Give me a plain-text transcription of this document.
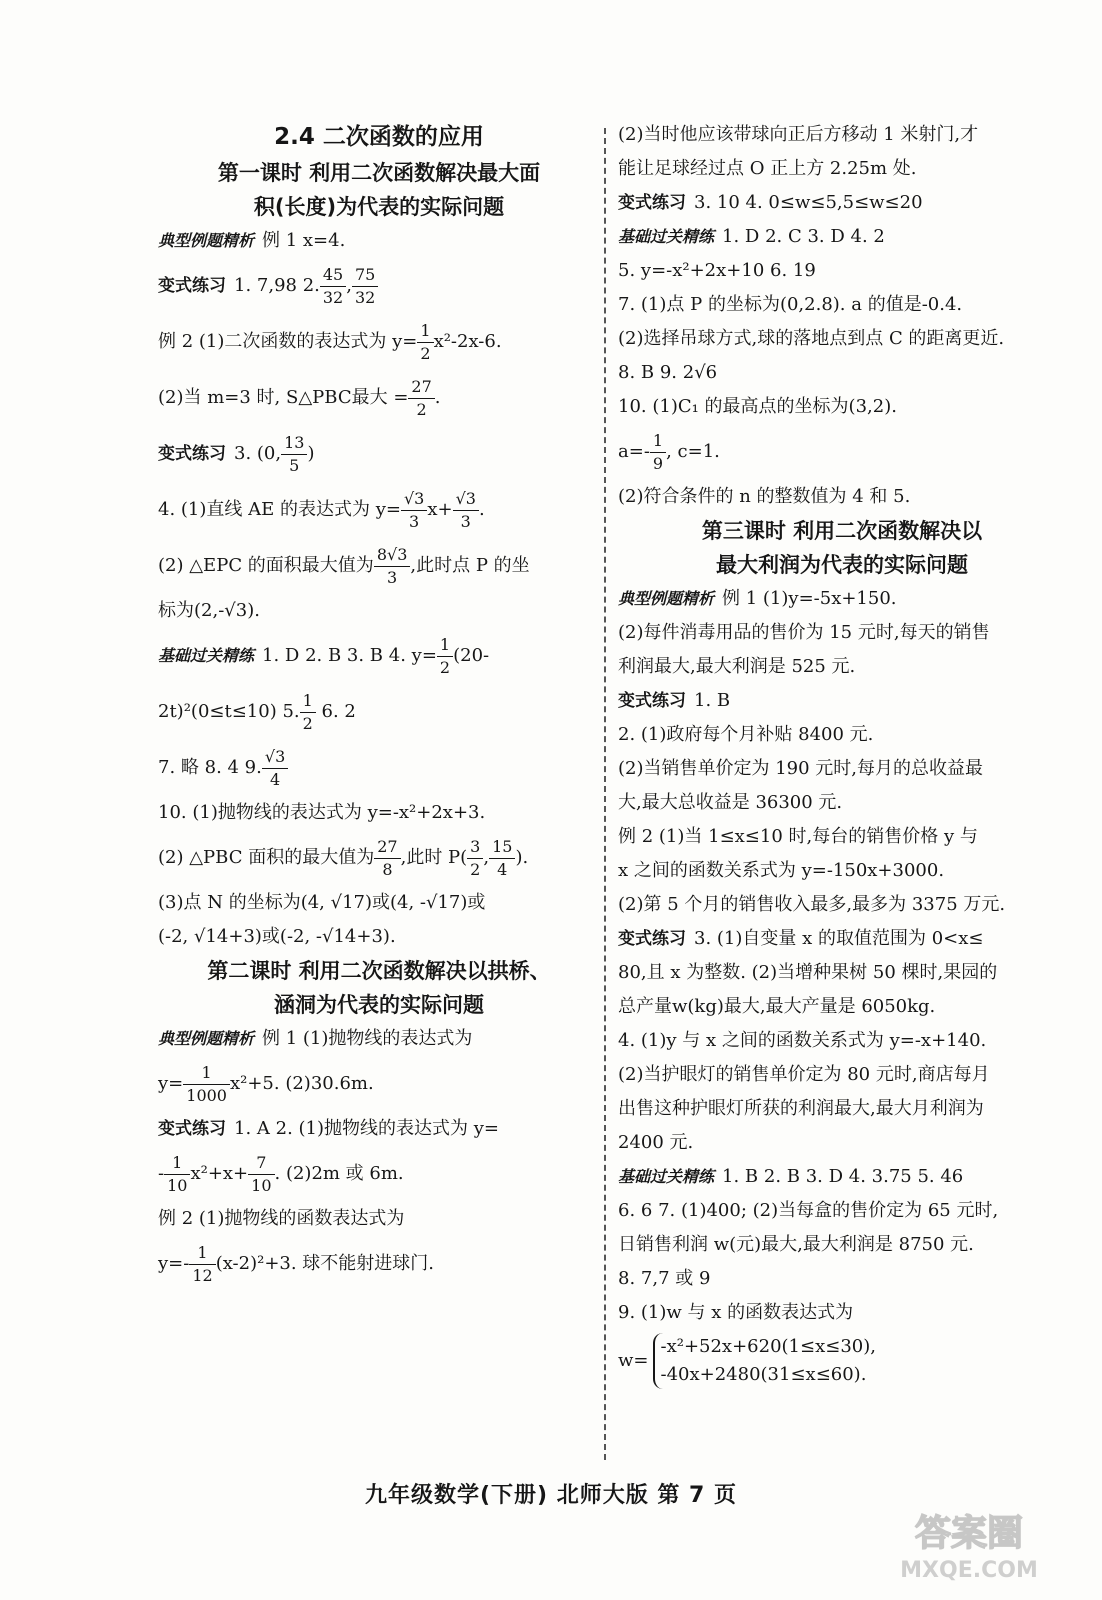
2.4 二次函数的应用
第一课时 利用二次函数解决最大面
积(长度)为代表的实际问题
典型例题精析 例 1 x=4.
变式练习 1. 7,98 2. $\frac{45}{32}$ , $\frac{75}{32}$
例 2 (1)二次函数的表达式为 $y= \frac{1}{2} x^2-2x-6$.
(2)当 m=3 时, S△PBC最大 = $\frac{27}{2}$ .
变式练习 3. (0, $\frac{13}{5}$ )
4. (1)直线 AE 的表达式为 $y= \frac{√3}{3} x+ \frac{√3}{3}$ .
(2) △EPC 的面积最大值为 $\frac{8√3}{3}$ ,此时点 P 的坐
标为(2,-√3).
基础过关精练 1. D 2. B 3. B 4. $y= \frac{1}{2} (20-$
2t)²(0≤t≤10) 5. $\frac{1}{2} 6$. 2
7. 略 8. 4 9. $\frac{√3}{4}$
10. (1)抛物线的表达式为 y=-x²+2x+3.
(2) △PBC 面积的最大值为 $\frac{27}{8}$ ,此时 $P( \frac{3}{2}$ , $\frac{15}{4}$ ).
(3)点 N 的坐标为(4, √17)或(4, -√17)或
(-2, √14+3)或(-2, -√14+3).
第二课时 利用二次函数解决以拱桥、
涵洞为代表的实际问题
典型例题精析 例 1 (1)抛物线的表达式为
$y= \frac{1}{1000} x^2+5$. (2)30.6m.
变式练习 1. A 2. (1)抛物线的表达式为 y=
- $\frac{1}{10} x^2+x+ \frac{7}{10}$ . (2)2m 或 6m.
例 2 (1)抛物线的函数表达式为
$y=- \frac{1}{12} (x-2)^2+3$. 球不能射进球门.
(2)当时他应该带球向正后方移动 1 米射门,才
能让足球经过点 O 正上方 2.25m 处.
变式练习 3. 10 4. 0≤w≤5,5≤w≤20
基础过关精练 1. D 2. C 3. D 4. 2
5. y=-x²+2x+10 6. 19
7. (1)点 P 的坐标为(0,2.8). a 的值是-0.4.
(2)选择吊球方式,球的落地点到点 C 的距离更近.
8. B 9. 2√6
10. (1)C₁ 的最高点的坐标为(3,2).
$a=- \frac{1}{9}$ , c=1.
(2)符合条件的 n 的整数值为 4 和 5.
第三课时 利用二次函数解决以
最大利润为代表的实际问题
典型例题精析 例 1 (1)y=-5x+150.
(2)每件消毒用品的售价为 15 元时,每天的销售
利润最大,最大利润是 525 元.
变式练习 1. B
2. (1)政府每个月补贴 8400 元.
(2)当销售单价定为 190 元时,每月的总收益最
大,最大总收益是 36300 元.
例 2 (1)当 1≤x≤10 时,每台的销售价格 y 与
x 之间的函数关系式为 y=-150x+3000.
(2)第 5 个月的销售收入最多,最多为 3375 万元.
变式练习 3. (1)自变量 x 的取值范围为 0<x≤
80,且 x 为整数. (2)当增种果树 50 棵时,果园的
总产量w(kg)最大,最大产量是 6050kg.
4. (1)y 与 x 之间的函数关系式为 y=-x+140.
(2)当护眼灯的销售单价定为 80 元时,商店每月
出售这种护眼灯所获的利润最大,最大月利润为
2400 元.
基础过关精练 1. B 2. B 3. D 4. 3.75 5. 46
6. 6 7. (1)400; (2)当每盒的售价定为 65 元时,
日销售利润 w(元)最大,最大利润是 8750 元.
8. 7,7 或 9
9. (1)w 与 x 的函数表达式为
w=
-x²+52x+620(1≤x≤30),
-40x+2480(31≤x≤60).
九年级数学(下册) 北师大版 第 7 页
答案圈
MXQE.COM
